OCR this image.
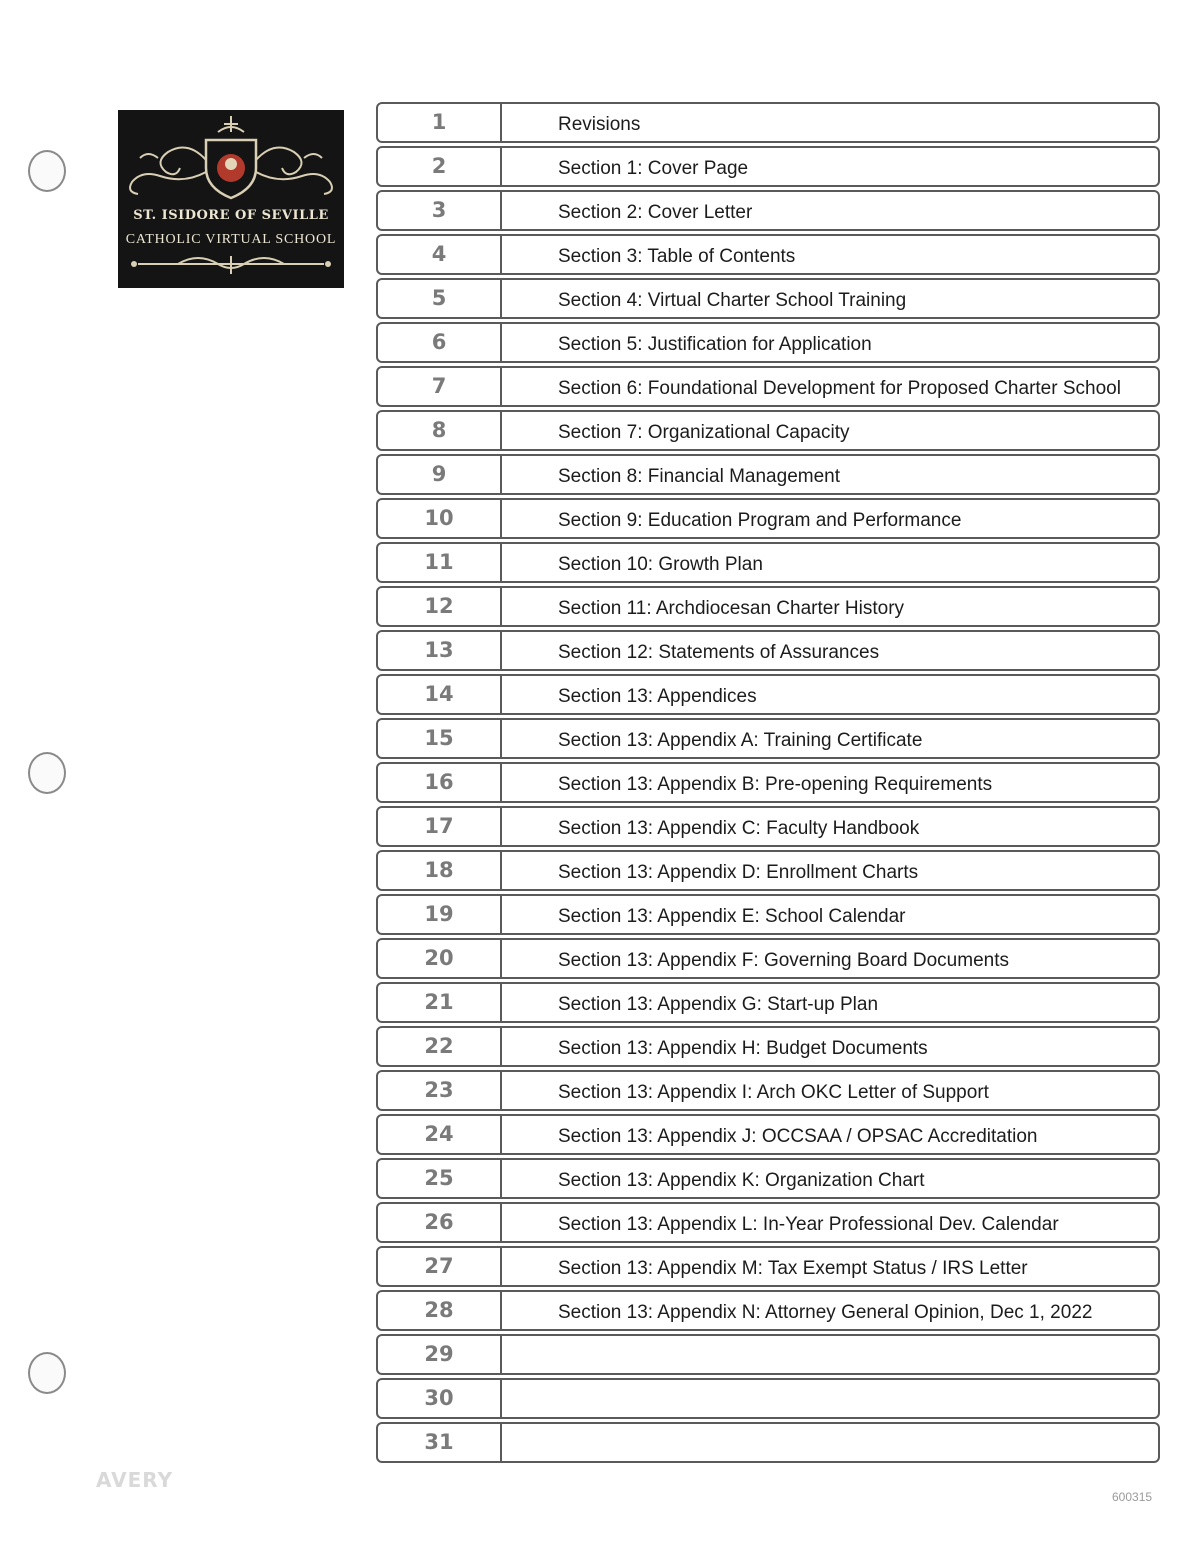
ST. ISIDORE OF SEVILLE
CATHOLIC VIRTUAL SCHOOL
1	Revisions
2	Section 1: Cover Page
3	Section 2: Cover Letter
4	Section 3: Table of Contents
5	Section 4: Virtual Charter School Training
6	Section 5: Justification for Application
7	Section 6: Foundational Development for Proposed Charter School
8	Section 7: Organizational Capacity
9	Section 8: Financial Management
10	Section 9: Education Program and Performance
11	Section 10: Growth Plan
12	Section 11: Archdiocesan Charter History
13	Section 12: Statements of Assurances
14	Section 13: Appendices
15	Section 13: Appendix A: Training Certificate
16	Section 13: Appendix B: Pre-opening Requirements
17	Section 13: Appendix C: Faculty Handbook
18	Section 13: Appendix D: Enrollment Charts
19	Section 13: Appendix E: School Calendar
20	Section 13: Appendix F: Governing Board Documents
21	Section 13: Appendix G: Start-up Plan
22	Section 13: Appendix H: Budget Documents
23	Section 13: Appendix I: Arch OKC Letter of Support
24	Section 13: Appendix J: OCCSAA / OPSAC Accreditation
25	Section 13: Appendix K: Organization Chart
26	Section 13: Appendix L: In-Year Professional Dev. Calendar
27	Section 13: Appendix M: Tax Exempt Status / IRS Letter
28	Section 13: Appendix N: Attorney General Opinion, Dec 1, 2022
29
30
31
AVERY
600315
